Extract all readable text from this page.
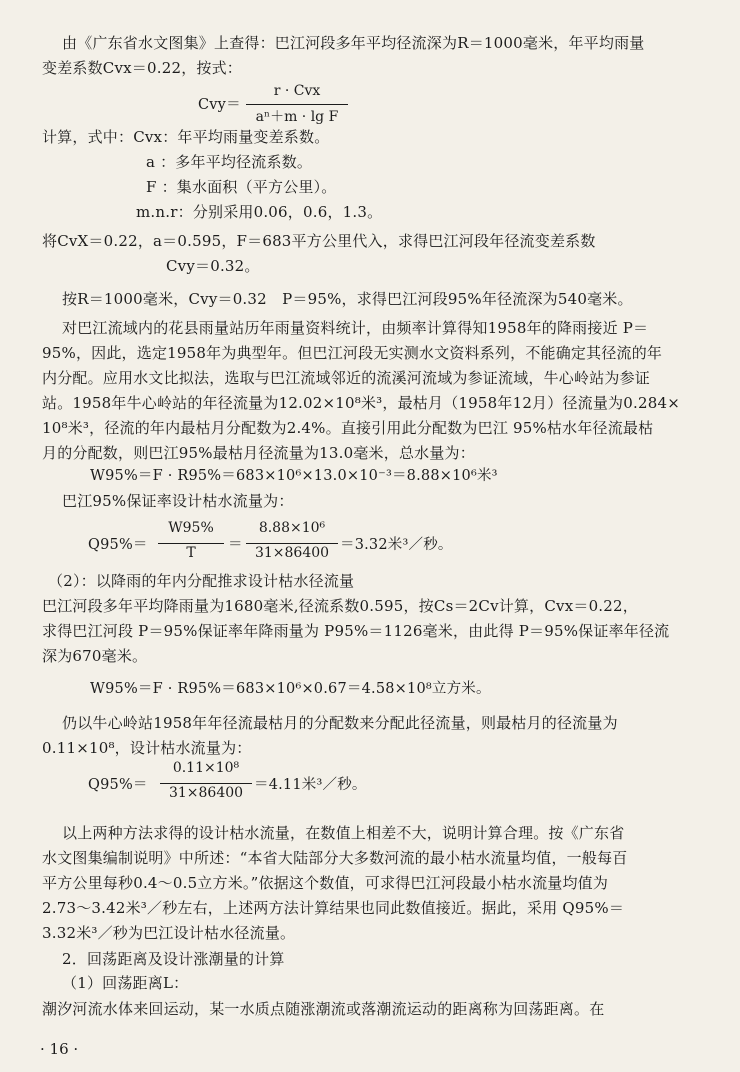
由《广东省水文图集》上查得：巴江河段多年平均径流深为R＝1000毫米，年平均雨量
变差系数Cvx＝0.22，按式：
Cvy＝
r · Cvx
aⁿ＋m · lg F
计算，式中：Cvx：年平均雨量变差系数。
a ：多年平均径流系数。
F ：集水面积（平方公里）。
m.n.r：分别采用0.06，0.6，1.3。
将CvX＝0.22，a＝0.595，F＝683平方公里代入，求得巴江河段年径流变差系数
Cvy＝0.32。
按R＝1000毫米，Cvy＝0.32　P＝95%，求得巴江河段95%年径流深为540毫米。
对巴江流域内的花县雨量站历年雨量资料统计，由频率计算得知1958年的降雨接近 P＝
95%，因此，选定1958年为典型年。但巴江河段无实测水文资料系列，不能确定其径流的年
内分配。应用水文比拟法，选取与巴江流域邻近的流溪河流域为参证流域，牛心岭站为参证
站。1958年牛心岭站的年径流量为12.02×10⁸米³，最枯月（1958年12月）径流量为0.284×
10⁸米³，径流的年内最枯月分配数为2.4%。直接引用此分配数为巴江 95%枯水年径流最枯
月的分配数，则巴江95%最枯月径流量为13.0毫米，总水量为：
W95%＝F · R95%＝683×10⁶×13.0×10⁻³＝8.88×10⁶米³
巴江95%保证率设计枯水流量为：
Q95%＝
W95%
T	＝
8.88×10⁶
31×86400 ＝3.32米³／秒。
（2）：以降雨的年内分配推求设计枯水径流量
巴江河段多年平均降雨量为1680毫米,径流系数0.595，按Cs＝2Cv计算，Cvx＝0.22，
求得巴江河段 P＝95%保证率年降雨量为 P95%＝1126毫米，由此得 P＝95%保证率年径流
深为670毫米。
W95%＝F · R95%＝683×10⁶×0.67＝4.58×10⁸立方米。
仍以牛心岭站1958年年径流最枯月的分配数来分配此径流量，则最枯月的径流量为
0.11×10⁸，设计枯水流量为：
Q95%＝
0.11×10⁸
31×86400 ＝4.11米³／秒。
以上两种方法求得的设计枯水流量，在数值上相差不大，说明计算合理。按《广东省
水文图集编制说明》中所述：“本省大陆部分大多数河流的最小枯水流量均值，一般每百
平方公里每秒0.4～0.5立方米。”依据这个数值，可求得巴江河段最小枯水流量均值为
2.73～3.42米³／秒左右，上述两方法计算结果也同此数值接近。据此，采用 Q95%＝
3.32米³／秒为巴江设计枯水径流量。
2．回荡距离及设计涨潮量的计算
（1）回荡距离L：
潮汐河流水体来回运动，某一水质点随涨潮流或落潮流运动的距离称为回荡距离。在
· 16 ·
